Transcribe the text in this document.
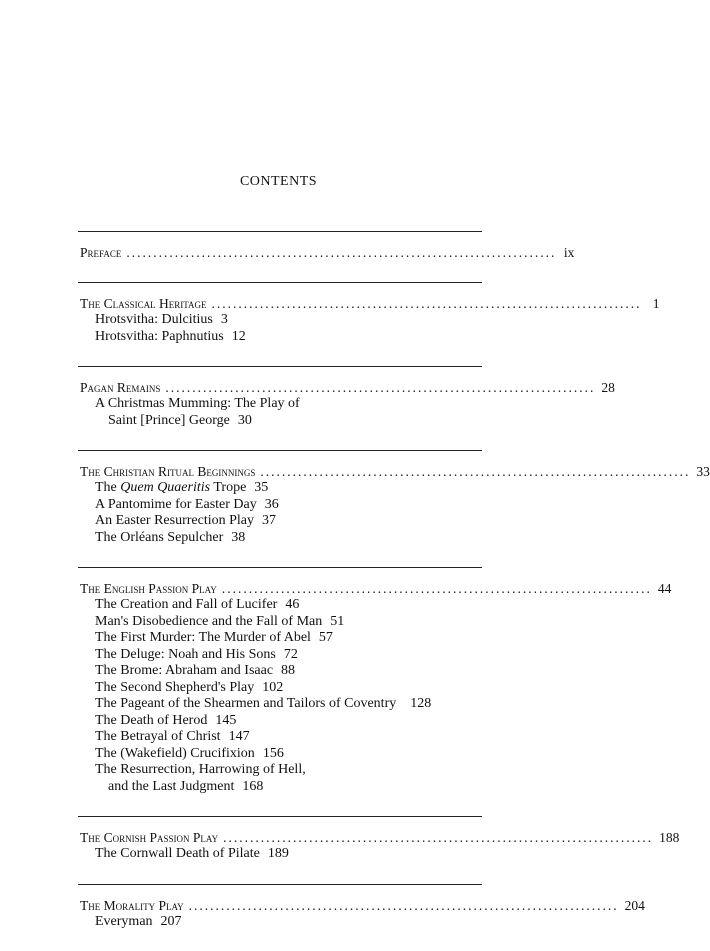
CONTENTS
Preface ................................................................................ ix
The Classical Heritage ................................................................................ 1
Hrotsvitha: Dulcitius 3
Hrotsvitha: Paphnutius 12
Pagan Remains ................................................................................ 28
A Christmas Mumming: The Play of
Saint [Prince] George 30
The Christian Ritual Beginnings ................................................................................ 33
The Quem Quaeritis Trope 35
A Pantomime for Easter Day 36
An Easter Resurrection Play 37
The Orléans Sepulcher 38
The English Passion Play ................................................................................ 44
The Creation and Fall of Lucifer 46
Man's Disobedience and the Fall of Man 51
The First Murder: The Murder of Abel 57
The Deluge: Noah and His Sons 72
The Brome: Abraham and Isaac 88
The Second Shepherd's Play 102
The Pageant of the Shearmen and Tailors of Coventry 128
The Death of Herod 145
The Betrayal of Christ 147
The (Wakefield) Crucifixion 156
The Resurrection, Harrowing of Hell,
and the Last Judgment 168
The Cornish Passion Play ................................................................................ 188
The Cornwall Death of Pilate 189
The Morality Play ................................................................................ 204
Everyman 207
